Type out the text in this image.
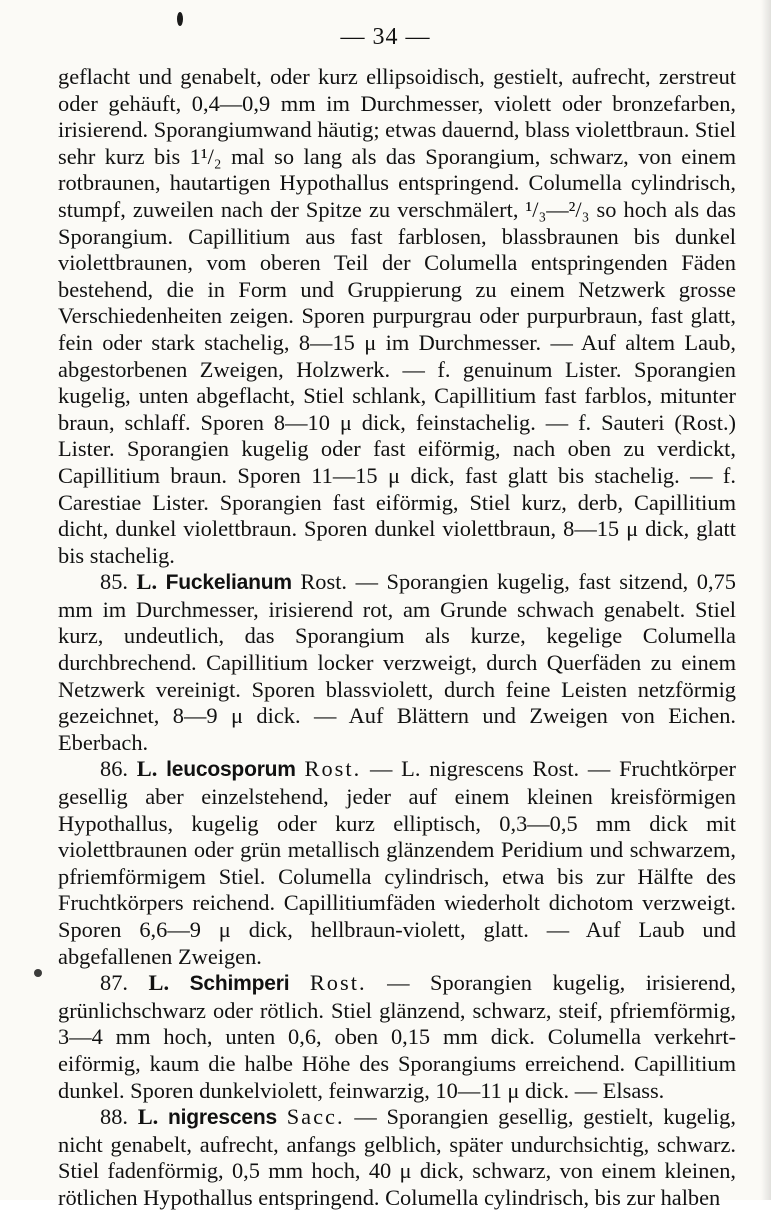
— 34 —

geflacht und genabelt, oder kurz ellipsoidisch, gestielt, aufrecht, zerstreut oder gehäuft, 0,4—0,9 mm im Durchmesser, violett oder bronzefarben, irisierend. Sporangiumwand häutig; etwas dauernd, blass violettbraun. Stiel sehr kurz bis 1¹/₂ mal so lang als das Sporangium, schwarz, von einem rotbraunen, hautartigen Hypothallus entspringend. Columella cylindrisch, stumpf, zuweilen nach der Spitze zu verschmälert, ¹/₃—²/₃ so hoch als das Sporangium. Capillitium aus fast farblosen, blassbraunen bis dunkel violettbraunen, vom oberen Teil der Columella entspringenden Fäden bestehend, die in Form und Gruppierung zu einem Netzwerk grosse Verschiedenheiten zeigen. Sporen purpurgrau oder purpurbraun, fast glatt, fein oder stark stachelig, 8—15 μ im Durchmesser. — Auf altem Laub, abgestorbenen Zweigen, Holzwerk. — f. genuinum Lister. Sporangien kugelig, unten abgeflacht, Stiel schlank, Capillitium fast farblos, mitunter braun, schlaff. Sporen 8—10 μ dick, feinstachelig. — f. Sauteri (Rost.) Lister. Sporangien kugelig oder fast eiförmig, nach oben zu verdickt, Capillitium braun. Sporen 11—15 μ dick, fast glatt bis stachelig. — f. Carestiae Lister. Sporangien fast eiförmig, Stiel kurz, derb, Capillitium dicht, dunkel violettbraun. Sporen dunkel violettbraun, 8—15 μ dick, glatt bis stachelig.

85. L. Fuckelianum Rost. — Sporangien kugelig, fast sitzend, 0,75 mm im Durchmesser, irisierend rot, am Grunde schwach genabelt. Stiel kurz, undeutlich, das Sporangium als kurze, kegelige Columella durchbrechend. Capillitium locker verzweigt, durch Querfäden zu einem Netzwerk vereinigt. Sporen blassviolett, durch feine Leisten netzförmig gezeichnet, 8—9 μ dick. — Auf Blättern und Zweigen von Eichen. Eberbach.

86. L. leucosporum Rost. — L. nigrescens Rost. — Fruchtkörper gesellig aber einzelstehend, jeder auf einem kleinen kreisförmigen Hypothallus, kugelig oder kurz elliptisch, 0,3—0,5 mm dick mit violettbraunen oder grün metallisch glänzendem Peridium und schwarzem, pfriemförmigem Stiel. Columella cylindrisch, etwa bis zur Hälfte des Fruchtkörpers reichend. Capillitiumfäden wiederholt dichotom verzweigt. Sporen 6,6—9 μ dick, hellbraun-violett, glatt. — Auf Laub und abgefallenen Zweigen.

87. L. Schimperi Rost. — Sporangien kugelig, irisierend, grünlichschwarz oder rötlich. Stiel glänzend, schwarz, steif, pfriemförmig, 3—4 mm hoch, unten 0,6, oben 0,15 mm dick. Columella verkehrt-eiförmig, kaum die halbe Höhe des Sporangiums erreichend. Capillitium dunkel. Sporen dunkelviolett, feinwarzig, 10—11 μ dick. — Elsass.

88. L. nigrescens Sacc. — Sporangien gesellig, gestielt, kugelig, nicht genabelt, aufrecht, anfangs gelblich, später undurchsichtig, schwarz. Stiel fadenförmig, 0,5 mm hoch, 40 μ dick, schwarz, von einem kleinen, rötlichen Hypothallus entspringend. Columella cylindrisch, bis zur halben
